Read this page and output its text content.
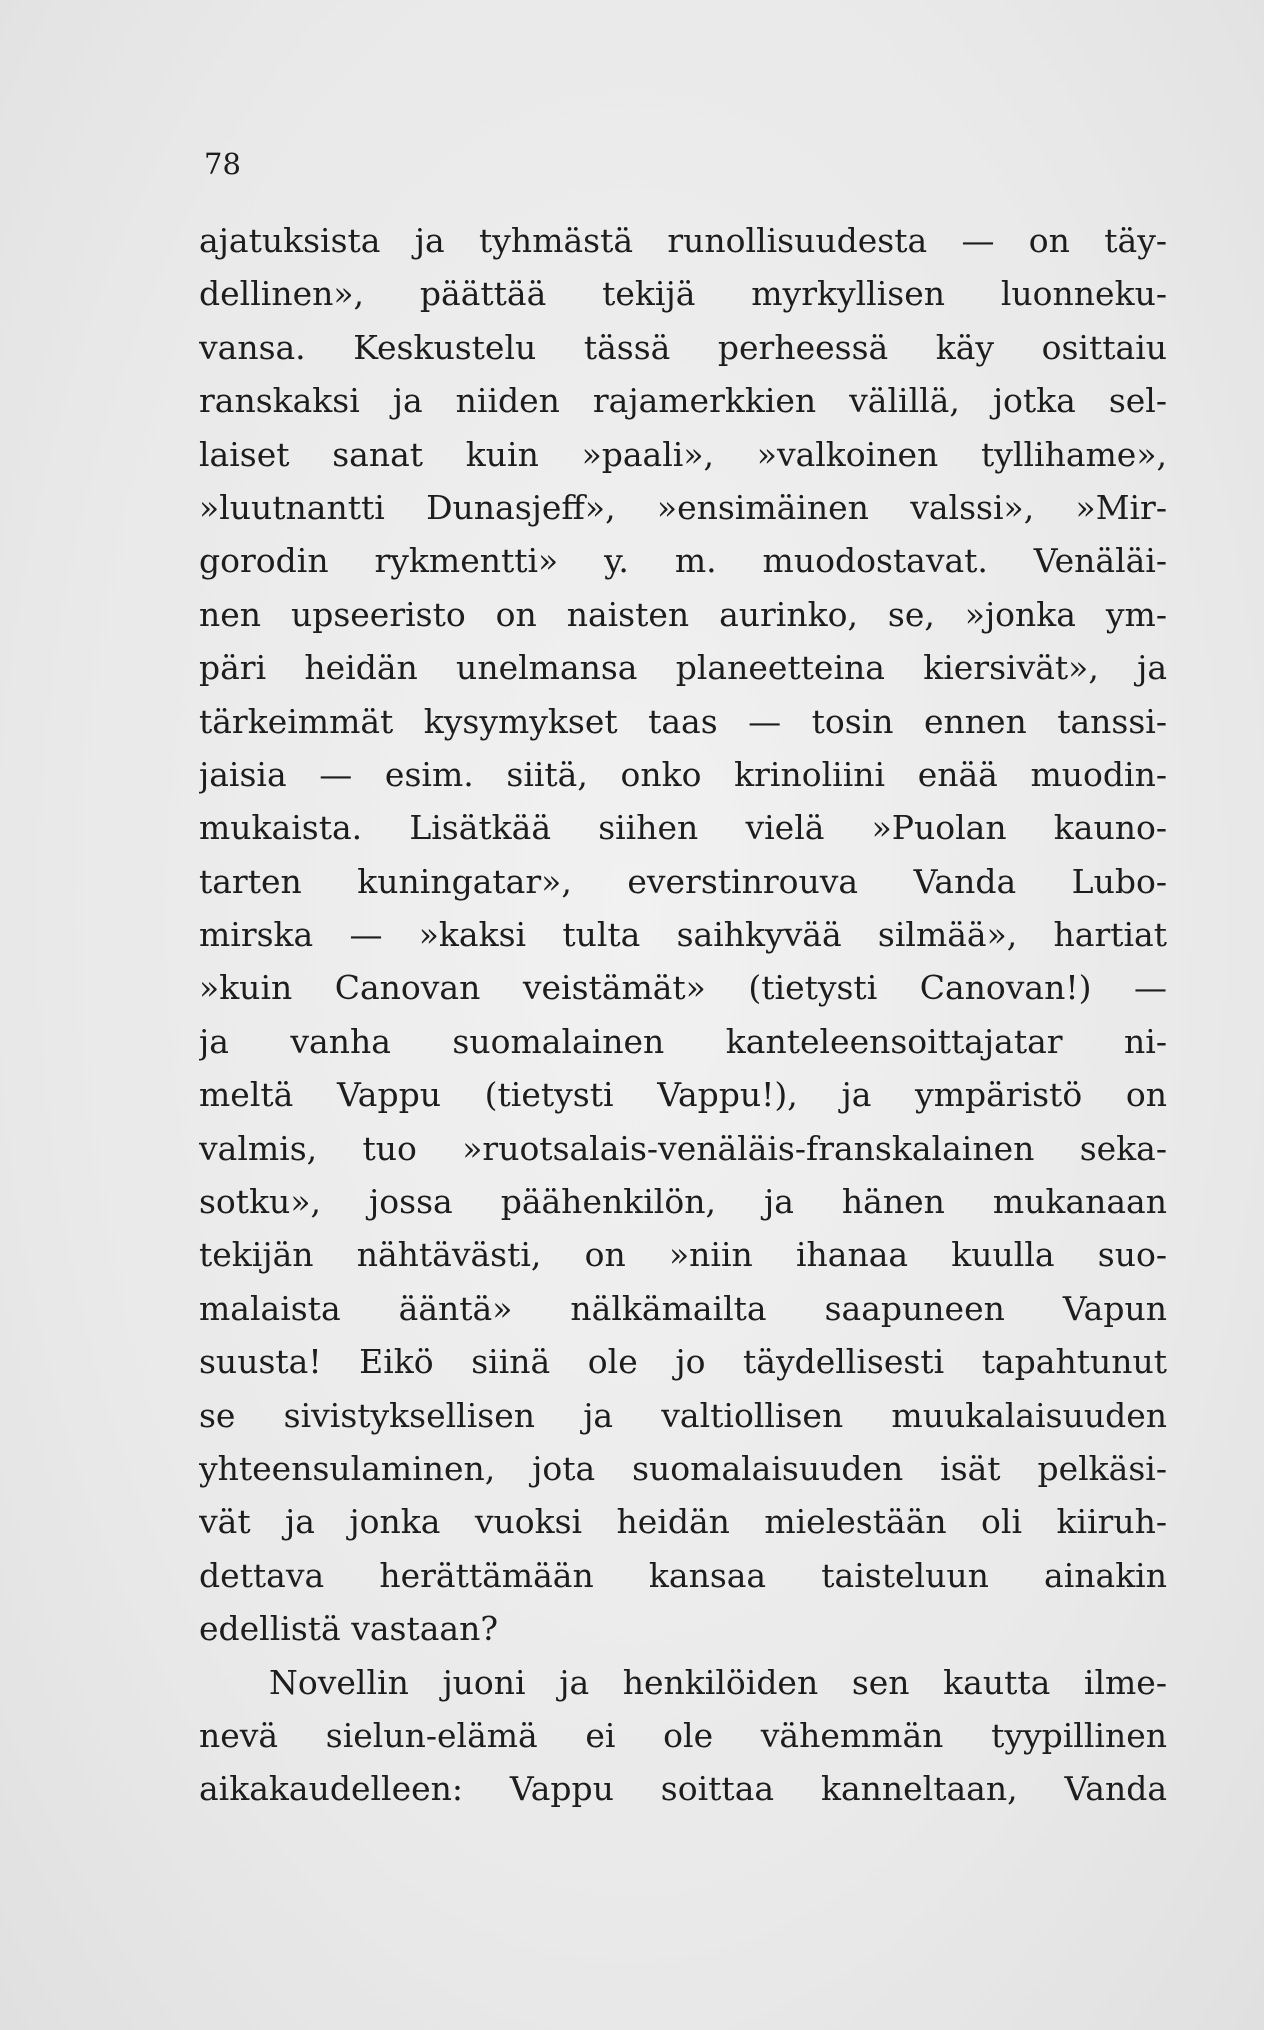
78
ajatuksista ja tyhmästä runollisuudesta — on täy-
dellinen», päättää tekijä myrkyllisen luonneku-
vansa. Keskustelu tässä perheessä käy osittaiu
ranskaksi ja niiden rajamerkkien välillä, jotka sel-
laiset sanat kuin »paali», »valkoinen tyllihame»,
»luutnantti Dunasjeff», »ensimäinen valssi», »Mir-
gorodin rykmentti» y. m. muodostavat. Venäläi-
nen upseeristo on naisten aurinko, se, »jonka ym-
päri heidän unelmansa planeetteina kiersivät», ja
tärkeimmät kysymykset taas — tosin ennen tanssi-
jaisia — esim. siitä, onko krinoliini enää muodin-
mukaista. Lisätkää siihen vielä »Puolan kauno-
tarten kuningatar», everstinrouva Vanda Lubo-
mirska — »kaksi tulta saihkyvää silmää», hartiat
»kuin Canovan veistämät» (tietysti Canovan!) —
ja vanha suomalainen kanteleensoittajatar ni-
meltä Vappu (tietysti Vappu!), ja ympäristö on
valmis, tuo »ruotsalais-venäläis-franskalainen seka-
sotku», jossa päähenkilön, ja hänen mukanaan
tekijän nähtävästi, on »niin ihanaa kuulla suo-
malaista ääntä» nälkämailta saapuneen Vapun
suusta! Eikö siinä ole jo täydellisesti tapahtunut
se sivistyksellisen ja valtiollisen muukalaisuuden
yhteensulaminen, jota suomalaisuuden isät pelkäsi-
vät ja jonka vuoksi heidän mielestään oli kiiruh-
dettava herättämään kansaa taisteluun ainakin
edellistä vastaan?
Novellin juoni ja henkilöiden sen kautta ilme-
nevä sielun-elämä ei ole vähemmän tyypillinen
aikakaudelleen: Vappu soittaa kanneltaan, Vanda
